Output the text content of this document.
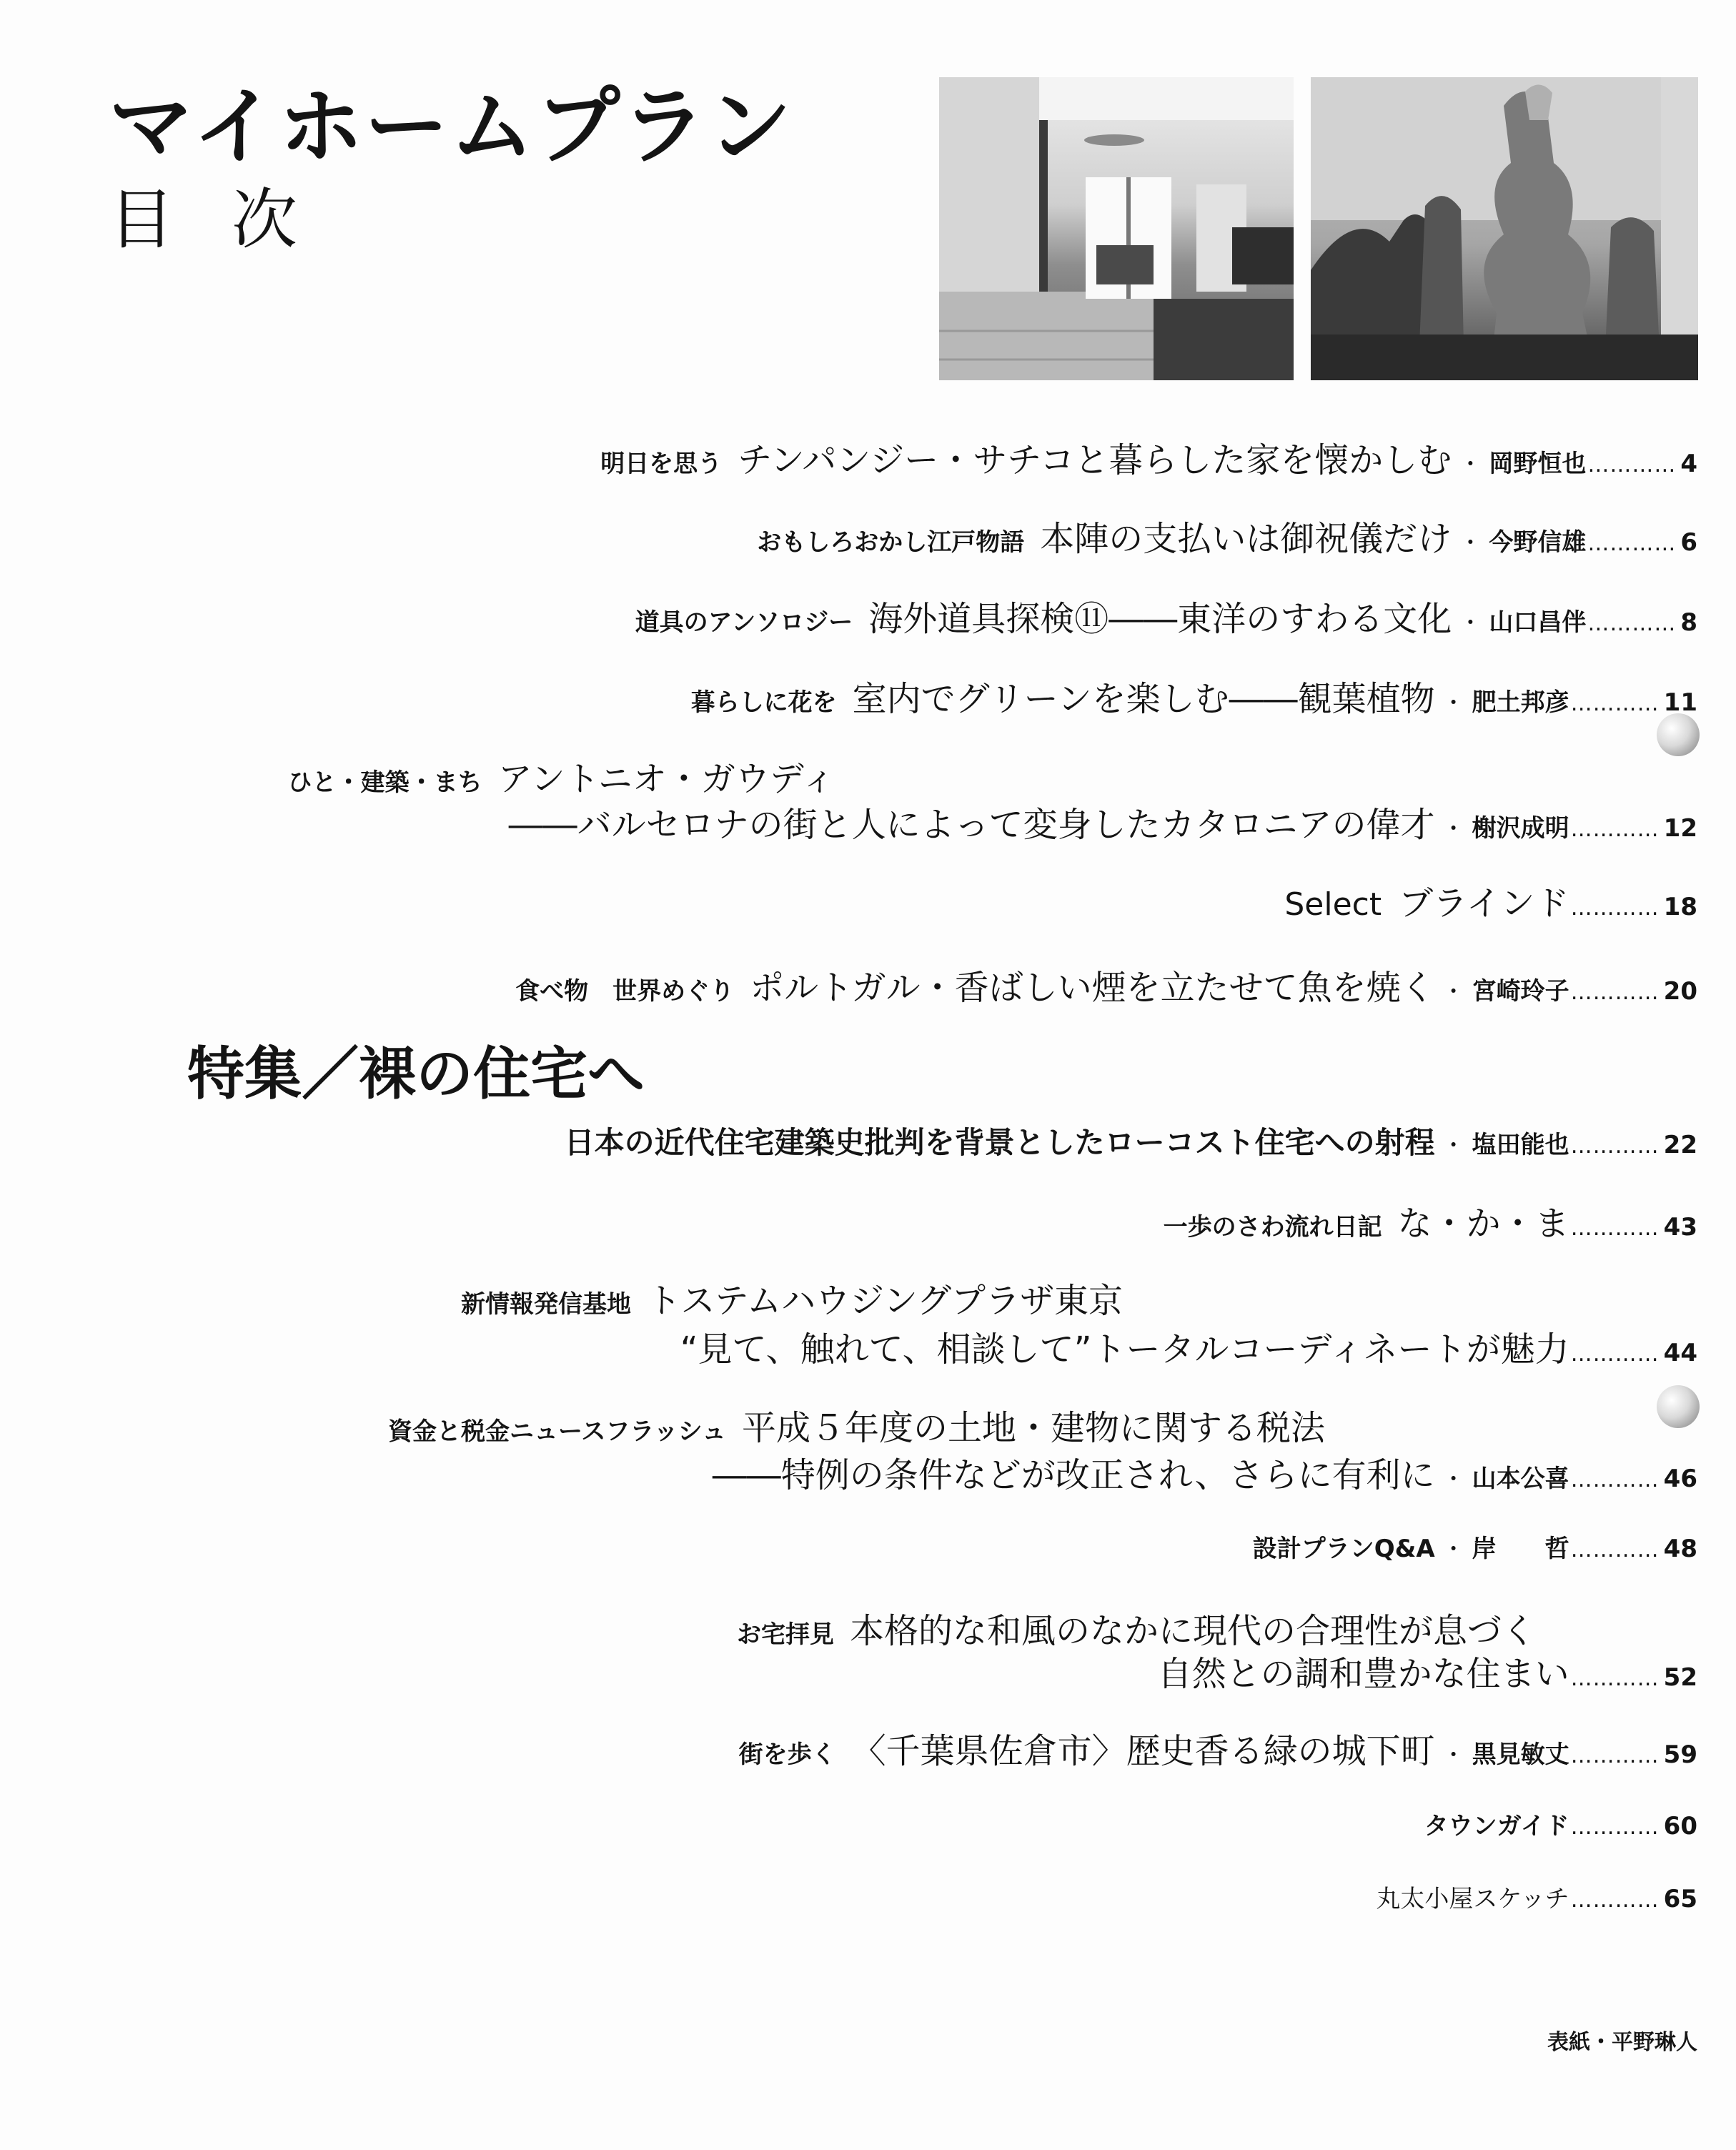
マイホームプラン
目次
明日を思う チンパンジー・サチコと暮らした家を懐かしむ ・ 岡野恒也 ………… 4
おもしろおかし江戸物語 本陣の支払いは御祝儀だけ ・ 今野信雄 ………… 6
道具のアンソロジー 海外道具探検⑪――東洋のすわる文化 ・ 山口昌伴 ………… 8
暮らしに花を 室内でグリーンを楽しむ――観葉植物 ・ 肥土邦彦 ………… 11
ひと・建築・まち アントニオ・ガウディ
――バルセロナの街と人によって変身したカタロニアの偉才 ・ 榭沢成明 ………… 12
Select ブラインド ………… 18
食べ物　世界めぐり ポルトガル・香ばしい煙を立たせて魚を焼く ・ 宮崎玲子 ………… 20
特集／裸の住宅へ
日本の近代住宅建築史批判を背景としたローコスト住宅への射程 ・ 塩田能也 ………… 22
一歩のさわ流れ日記 な・か・ま ………… 43
新情報発信基地 トステムハウジングプラザ東京
“見て、触れて、相談して”トータルコーディネートが魅力 ………… 44
資金と税金ニュースフラッシュ 平成５年度の土地・建物に関する税法
――特例の条件などが改正され、さらに有利に ・ 山本公喜 ………… 46
設計プランQ&A ・ 岸　　哲 ………… 48
お宅拝見 本格的な和風のなかに現代の合理性が息づく
自然との調和豊かな住まい ………… 52
街を歩く 〈千葉県佐倉市〉歴史香る緑の城下町 ・ 黒見敏丈 ………… 59
タウンガイド ………… 60
丸太小屋スケッチ ………… 65
表紙・平野琳人
